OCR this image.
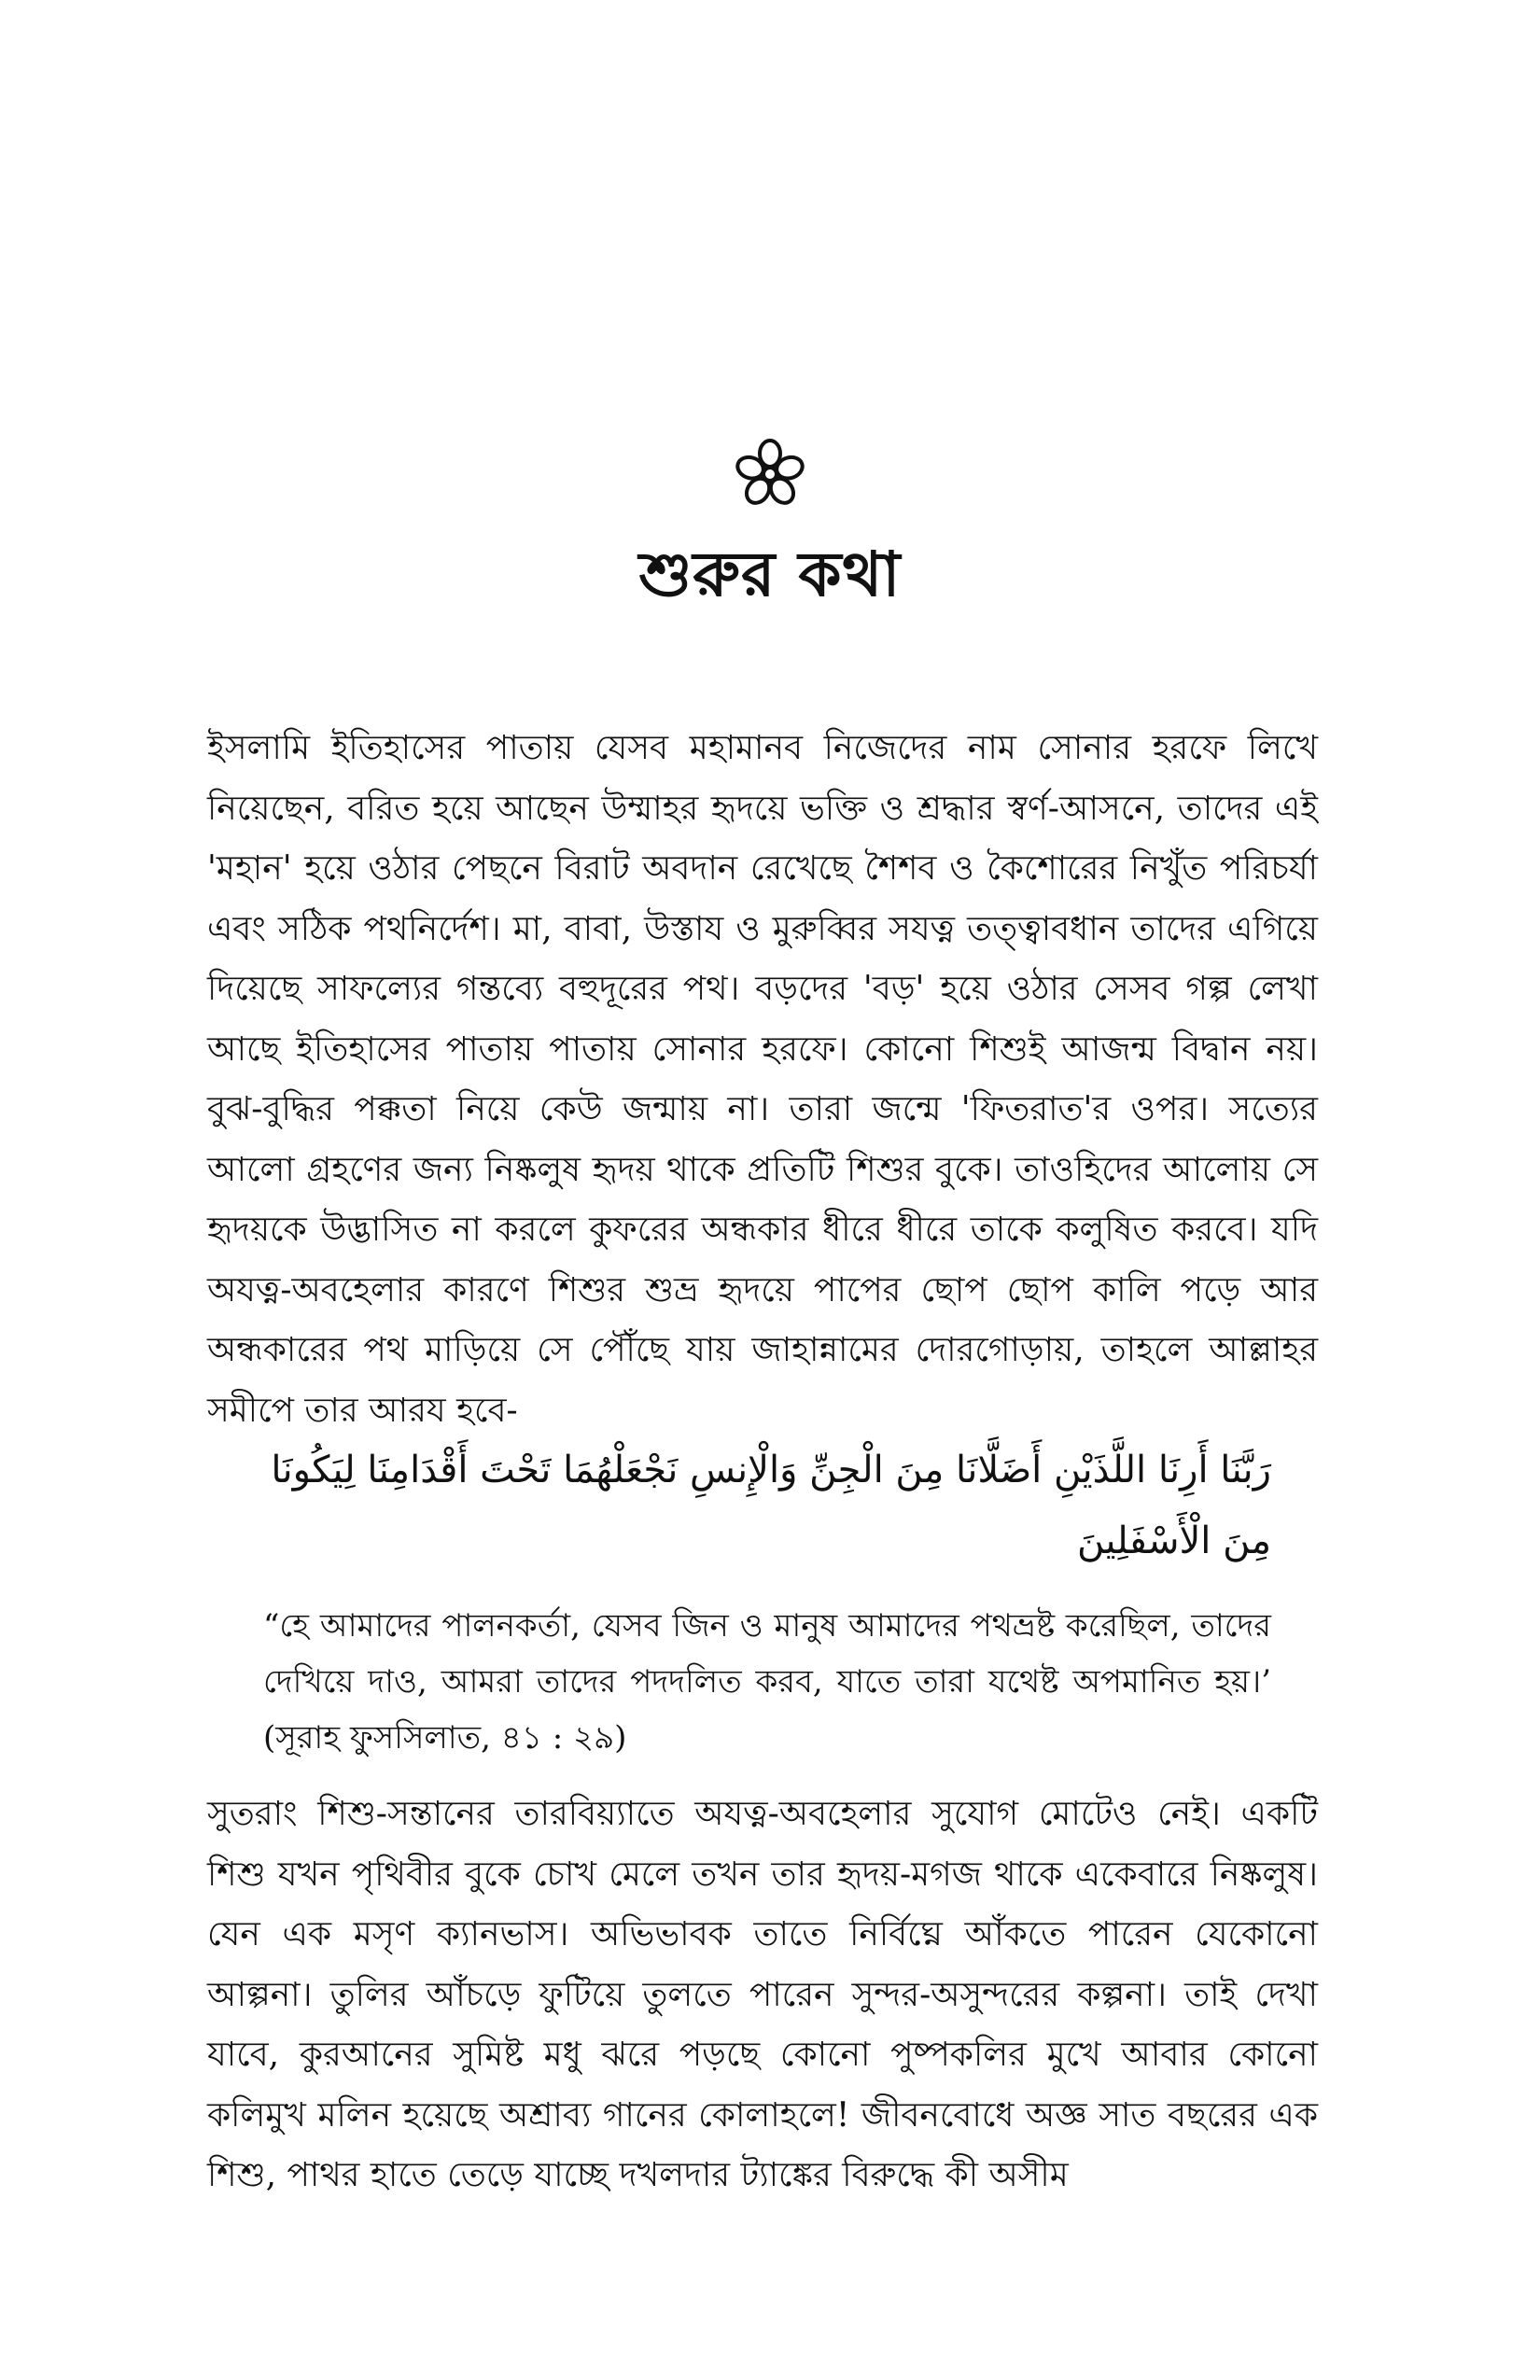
শুরুর কথা

ইসলামি ইতিহাসের পাতায় যেসব মহামানব নিজেদের নাম সোনার হরফে লিখে নিয়েছেন, বরিত হয়ে আছেন উম্মাহর হৃদয়ে ভক্তি ও শ্রদ্ধার স্বর্ণ-আসনে, তাদের এই 'মহান' হয়ে ওঠার পেছনে বিরাট অবদান রেখেছে শৈশব ও কৈশোরের নিখুঁত পরিচর্যা এবং সঠিক পথনির্দেশ। মা, বাবা, উস্তায ও মুরুব্বির সযত্ন তত্ত্বাবধান তাদের এগিয়ে দিয়েছে সাফল্যের গন্তব্যে বহুদূরের পথ। বড়দের 'বড়' হয়ে ওঠার সেসব গল্প লেখা আছে ইতিহাসের পাতায় পাতায় সোনার হরফে। কোনো শিশুই আজন্ম বিদ্বান নয়। বুঝ-বুদ্ধির পক্কতা নিয়ে কেউ জন্মায় না। তারা জন্মে 'ফিতরাত'র ওপর। সত্যের আলো গ্রহণের জন্য নিষ্কলুষ হৃদয় থাকে প্রতিটি শিশুর বুকে। তাওহিদের আলোয় সে হৃদয়কে উদ্ভাসিত না করলে কুফরের অন্ধকার ধীরে ধীরে তাকে কলুষিত করবে। যদি অযত্ন-অবহেলার কারণে শিশুর শুভ্র হৃদয়ে পাপের ছোপ ছোপ কালি পড়ে আর অন্ধকারের পথ মাড়িয়ে সে পৌঁছে যায় জাহান্নামের দোরগোড়ায়, তাহলে আল্লাহর সমীপে তার আরয হবে-

رَبَّنَا أَرِنَا اللَّذَيْنِ أَضَلَّانَا مِنَ الْجِنِّ وَالْإِنسِ نَجْعَلْهُمَا تَحْتَ أَقْدَامِنَا لِيَكُونَا مِنَ الْأَسْفَلِينَ

“হে আমাদের পালনকর্তা, যেসব জিন ও মানুষ আমাদের পথভ্রষ্ট করেছিল, তাদের দেখিয়ে দাও, আমরা তাদের পদদলিত করব, যাতে তারা যথেষ্ট অপমানিত হয়।’ (সূরাহ ফুসসিলাত, ৪১ : ২৯)

সুতরাং শিশু-সন্তানের তারবিয়্যাতে অযত্ন-অবহেলার সুযোগ মোটেও নেই। একটি শিশু যখন পৃথিবীর বুকে চোখ মেলে তখন তার হৃদয়-মগজ থাকে একেবারে নিষ্কলুষ। যেন এক মসৃণ ক্যানভাস। অভিভাবক তাতে নির্বিঘ্নে আঁকতে পারেন যেকোনো আল্পনা। তুলির আঁচড়ে ফুটিয়ে তুলতে পারেন সুন্দর-অসুন্দরের কল্পনা। তাই দেখা যাবে, কুরআনের সুমিষ্ট মধু ঝরে পড়ছে কোনো পুষ্পকলির মুখে আবার কোনো কলিমুখ মলিন হয়েছে অশ্রাব্য গানের কোলাহলে! জীবনবোধে অজ্ঞ সাত বছরের এক শিশু, পাথর হাতে তেড়ে যাচ্ছে দখলদার ট্যাঙ্কের বিরুদ্ধে কী অসীম
